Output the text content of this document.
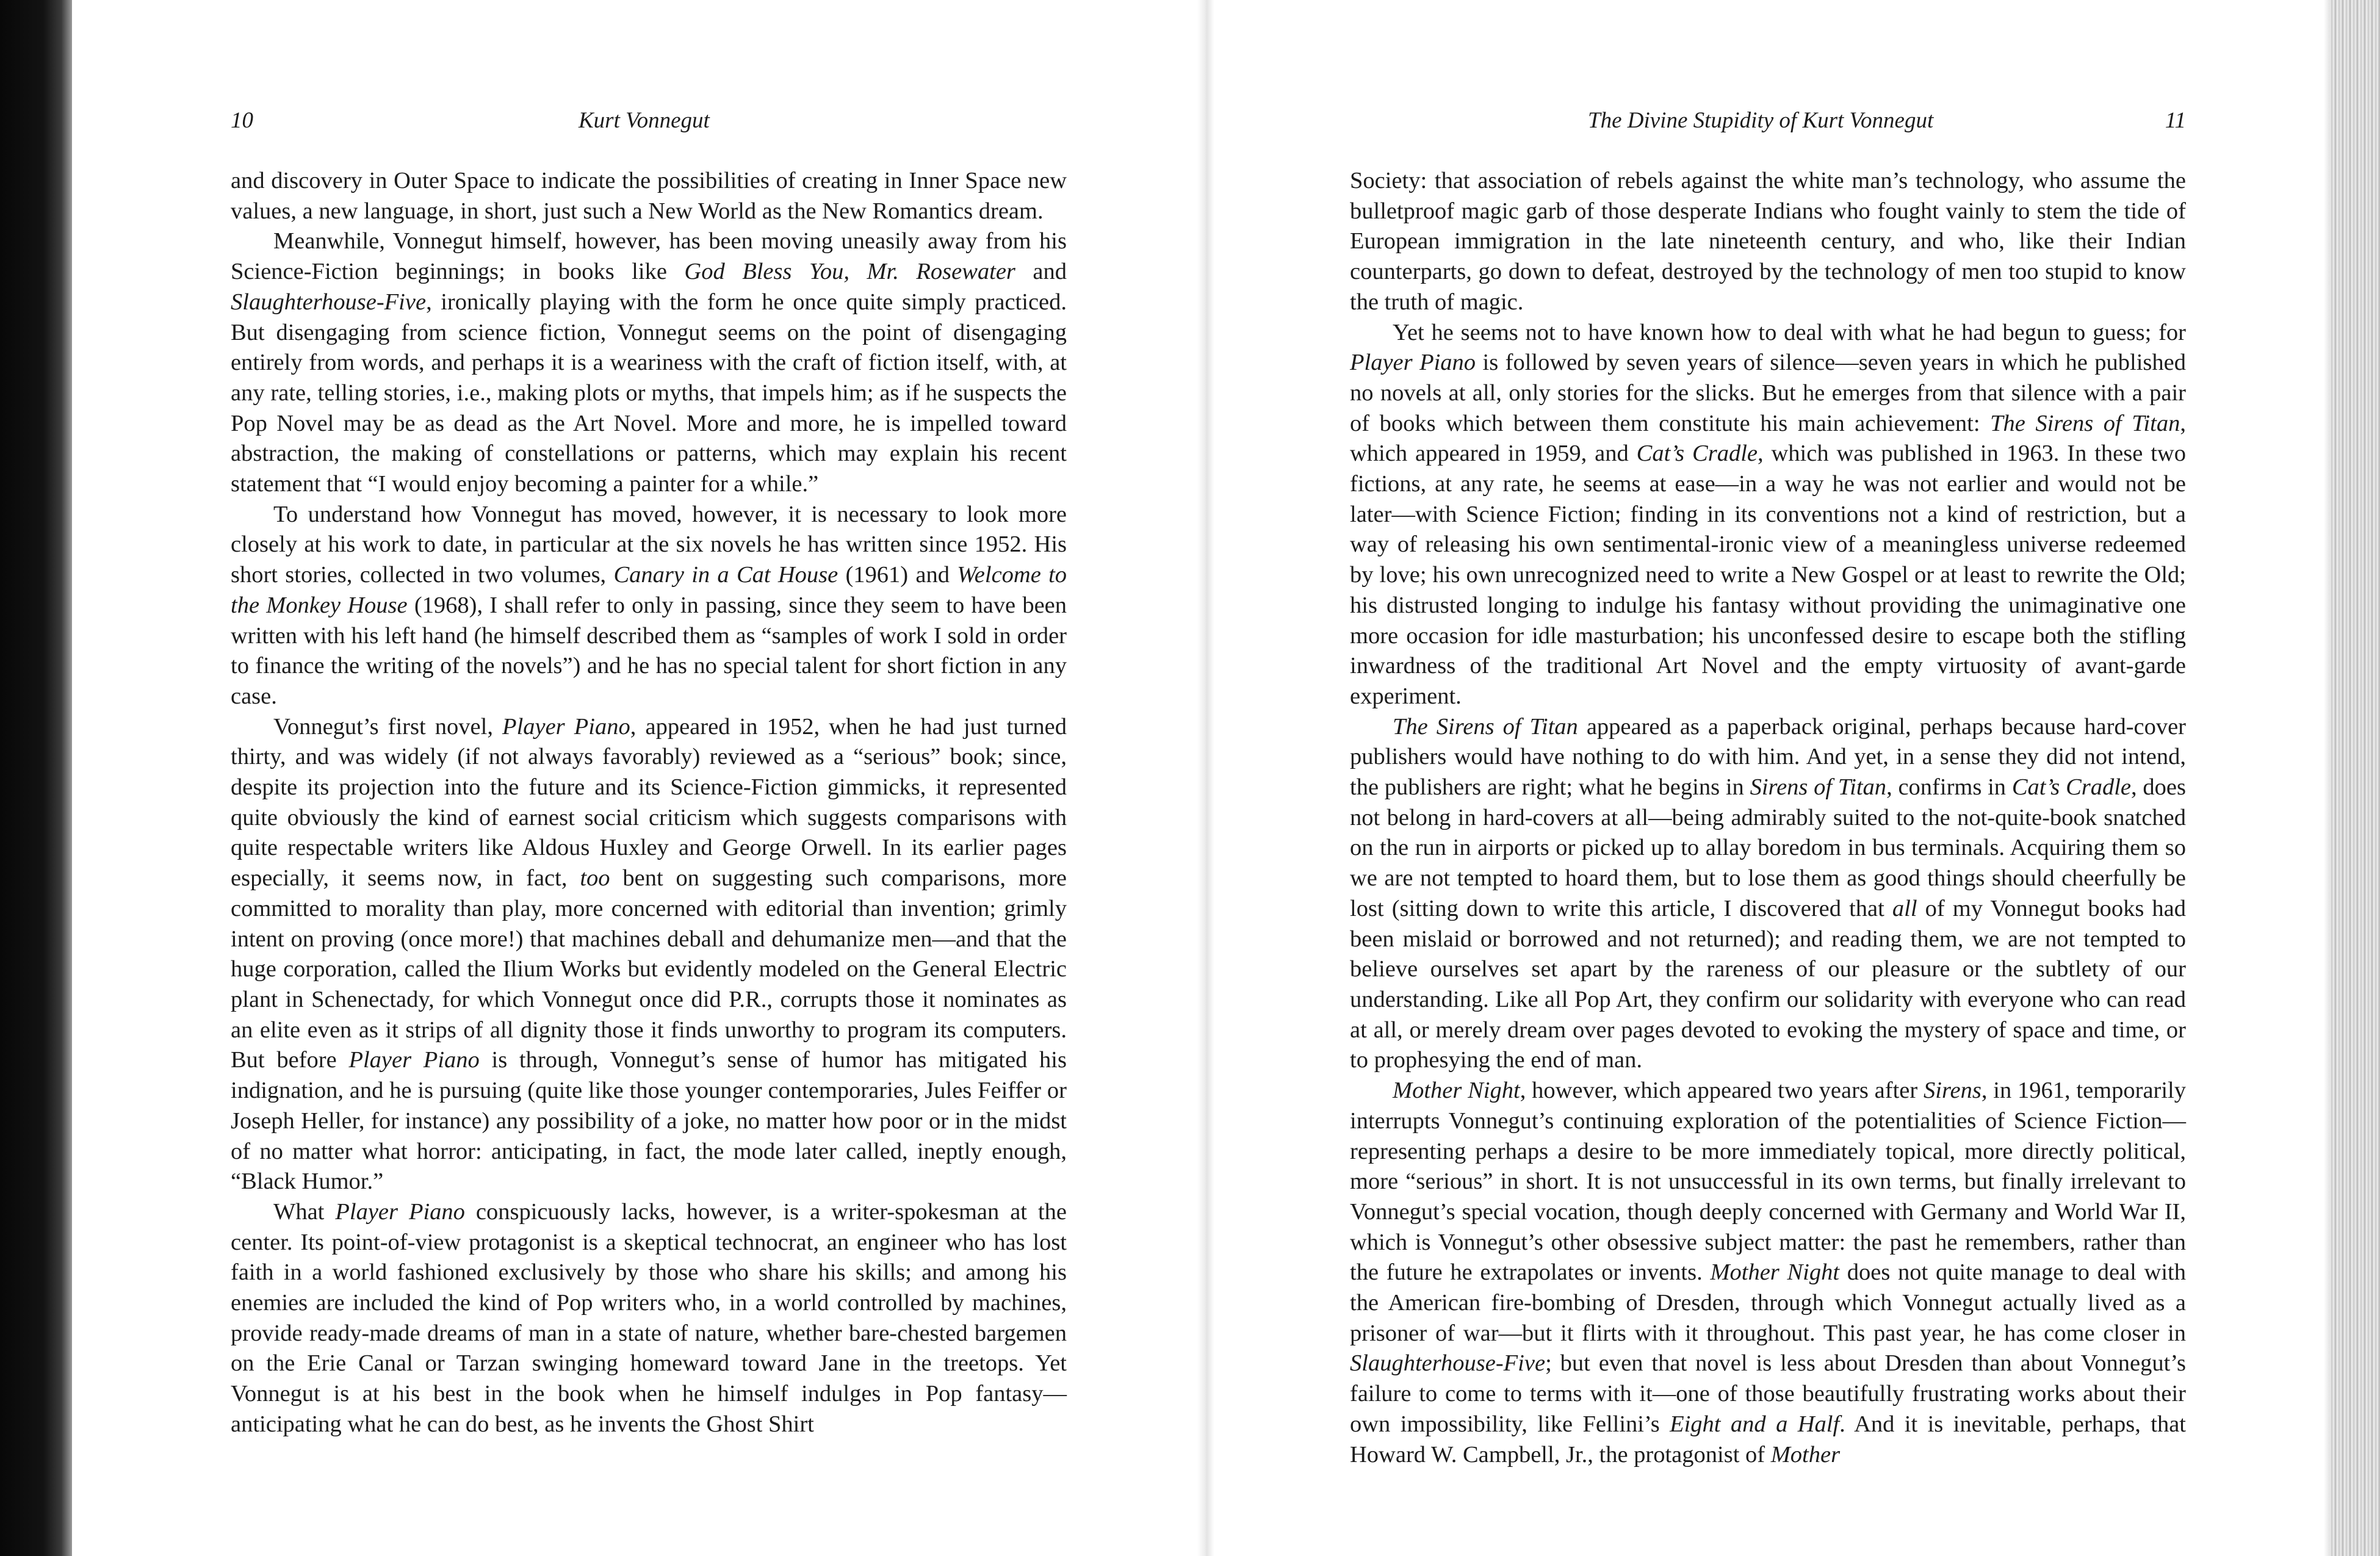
10	Kurt Vonnegut

and discovery in Outer Space to indicate the possibilities of creating in Inner Space new values, a new language, in short, just such a New World as the New Romantics dream.

Meanwhile, Vonnegut himself, however, has been moving uneasily away from his Science-Fiction beginnings; in books like God Bless You, Mr. Rosewater and Slaughterhouse-Five, ironically playing with the form he once quite simply practiced. But disengaging from science fiction, Vonnegut seems on the point of disengaging entirely from words, and perhaps it is a weariness with the craft of fiction itself, with, at any rate, telling stories, i.e., making plots or myths, that impels him; as if he suspects the Pop Novel may be as dead as the Art Novel. More and more, he is impelled toward abstraction, the making of constellations or patterns, which may explain his recent statement that “I would enjoy becoming a painter for a while.”

To understand how Vonnegut has moved, however, it is necessary to look more closely at his work to date, in particular at the six novels he has written since 1952. His short stories, collected in two volumes, Canary in a Cat House (1961) and Welcome to the Monkey House (1968), I shall refer to only in passing, since they seem to have been written with his left hand (he himself described them as “samples of work I sold in order to finance the writing of the novels”) and he has no special talent for short fiction in any case.

Vonnegut’s first novel, Player Piano, appeared in 1952, when he had just turned thirty, and was widely (if not always favorably) reviewed as a “serious” book; since, despite its projection into the future and its Science-Fiction gimmicks, it represented quite obviously the kind of earnest social criticism which suggests comparisons with quite respectable writers like Aldous Huxley and George Orwell. In its earlier pages especially, it seems now, in fact, too bent on suggesting such comparisons, more committed to morality than play, more concerned with editorial than invention; grimly intent on proving (once more!) that machines deball and dehumanize men—and that the huge corporation, called the Ilium Works but evidently modeled on the General Electric plant in Schenectady, for which Vonnegut once did P.R., corrupts those it nominates as an elite even as it strips of all dignity those it finds unworthy to program its computers. But before Player Piano is through, Vonnegut’s sense of humor has mitigated his indignation, and he is pursuing (quite like those younger contemporaries, Jules Feiffer or Joseph Heller, for instance) any possibility of a joke, no matter how poor or in the midst of no matter what horror: anticipating, in fact, the mode later called, ineptly enough, “Black Humor.”

What Player Piano conspicuously lacks, however, is a writer-spokesman at the center. Its point-of-view protagonist is a skeptical technocrat, an engineer who has lost faith in a world fashioned exclusively by those who share his skills; and among his enemies are included the kind of Pop writers who, in a world controlled by machines, provide ready-made dreams of man in a state of nature, whether bare-chested bargemen on the Erie Canal or Tarzan swinging homeward toward Jane in the treetops. Yet Vonnegut is at his best in the book when he himself indulges in Pop fantasy—anticipating what he can do best, as he invents the Ghost Shirt

The Divine Stupidity of Kurt Vonnegut	11

Society: that association of rebels against the white man’s technology, who assume the bulletproof magic garb of those desperate Indians who fought vainly to stem the tide of European immigration in the late nineteenth century, and who, like their Indian counterparts, go down to defeat, destroyed by the technology of men too stupid to know the truth of magic.

Yet he seems not to have known how to deal with what he had begun to guess; for Player Piano is followed by seven years of silence—seven years in which he published no novels at all, only stories for the slicks. But he emerges from that silence with a pair of books which between them constitute his main achievement: The Sirens of Titan, which appeared in 1959, and Cat’s Cradle, which was published in 1963. In these two fictions, at any rate, he seems at ease—in a way he was not earlier and would not be later—with Science Fiction; finding in its conventions not a kind of restriction, but a way of releasing his own sentimental-ironic view of a meaningless universe redeemed by love; his own unrecognized need to write a New Gospel or at least to rewrite the Old; his distrusted longing to indulge his fantasy without providing the unimaginative one more occasion for idle masturbation; his unconfessed desire to escape both the stifling inwardness of the traditional Art Novel and the empty virtuosity of avant-garde experiment.

The Sirens of Titan appeared as a paperback original, perhaps because hard-cover publishers would have nothing to do with him. And yet, in a sense they did not intend, the publishers are right; what he begins in Sirens of Titan, confirms in Cat’s Cradle, does not belong in hard-covers at all—being admirably suited to the not-quite-book snatched on the run in airports or picked up to allay boredom in bus terminals. Acquiring them so we are not tempted to hoard them, but to lose them as good things should cheerfully be lost (sitting down to write this article, I discovered that all of my Vonnegut books had been mislaid or borrowed and not returned); and reading them, we are not tempted to believe ourselves set apart by the rareness of our pleasure or the subtlety of our understanding. Like all Pop Art, they confirm our solidarity with everyone who can read at all, or merely dream over pages devoted to evoking the mystery of space and time, or to prophesying the end of man.

Mother Night, however, which appeared two years after Sirens, in 1961, temporarily interrupts Vonnegut’s continuing exploration of the potentialities of Science Fiction—representing perhaps a desire to be more immediately topical, more directly political, more “serious” in short. It is not unsuccessful in its own terms, but finally irrelevant to Vonnegut’s special vocation, though deeply concerned with Germany and World War II, which is Vonnegut’s other obsessive subject matter: the past he remembers, rather than the future he extrapolates or invents. Mother Night does not quite manage to deal with the American fire-bombing of Dresden, through which Vonnegut actually lived as a prisoner of war—but it flirts with it throughout. This past year, he has come closer in Slaughterhouse-Five; but even that novel is less about Dresden than about Vonnegut’s failure to come to terms with it—one of those beautifully frustrating works about their own impossibility, like Fellini’s Eight and a Half. And it is inevitable, perhaps, that Howard W. Campbell, Jr., the protagonist of Mother
